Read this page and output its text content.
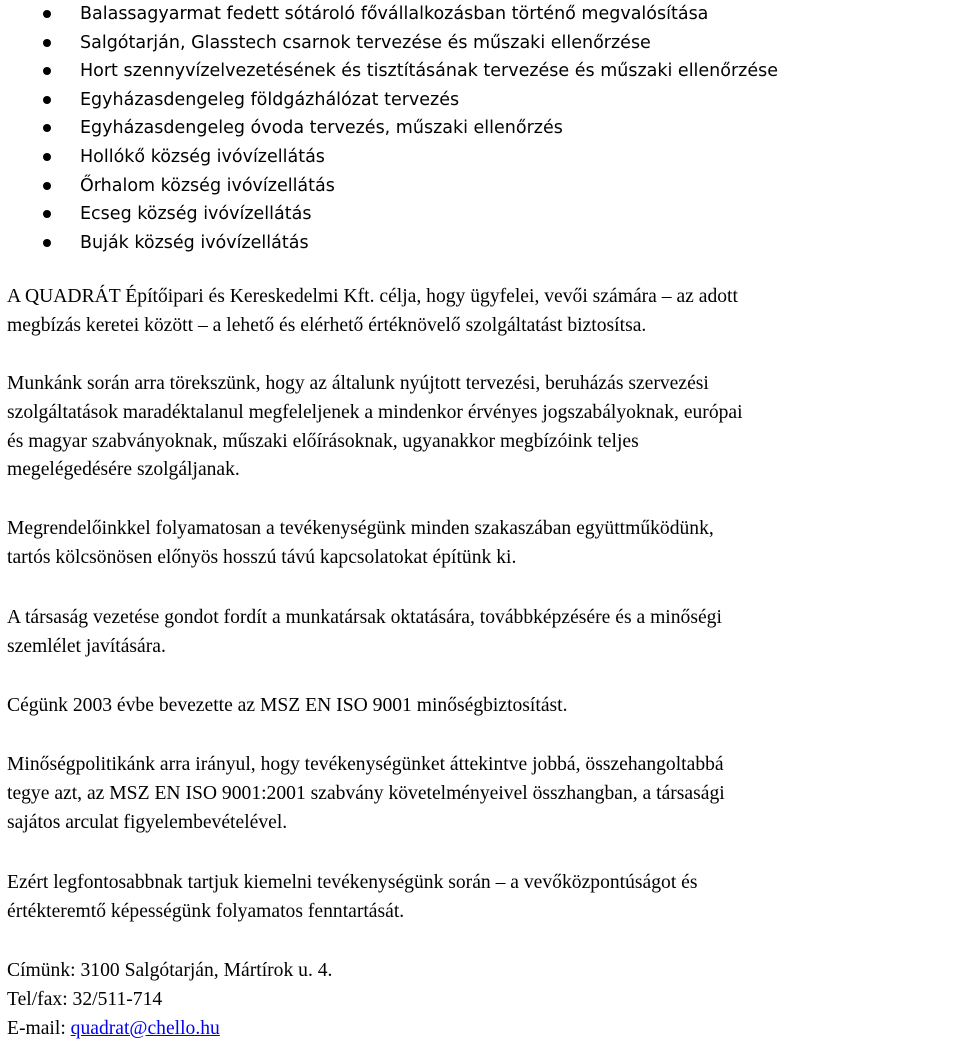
Balassagyarmat fedett sótároló fővállalkozásban történő megvalósítása
Salgótarján, Glasstech csarnok tervezése és műszaki ellenőrzése
Hort szennyvízelvezetésének és tisztításának tervezése és műszaki ellenőrzése
Egyházasdengeleg földgázhálózat tervezés
Egyházasdengeleg óvoda tervezés, műszaki ellenőrzés
Hollókő község ivóvízellátás
Őrhalom község ivóvízellátás
Ecseg község ivóvízellátás
Buják község ivóvízellátás

A QUADRÁT Építőipari és Kereskedelmi Kft. célja, hogy ügyfelei, vevői számára – az adott
megbízás keretei között – a lehető és elérhető értéknövelő szolgáltatást biztosítsa.

Munkánk során arra törekszünk, hogy az általunk nyújtott tervezési, beruházás szervezési
szolgáltatások maradéktalanul megfeleljenek a mindenkor érvényes jogszabályoknak, európai
és magyar szabványoknak, műszaki előírásoknak, ugyanakkor megbízóink teljes
megelégedésére szolgáljanak.

Megrendelőinkkel folyamatosan a tevékenységünk minden szakaszában együttműködünk,
tartós kölcsönösen előnyös hosszú távú kapcsolatokat építünk ki.

A társaság vezetése gondot fordít a munkatársak oktatására, továbbképzésére és a minőségi
szemlélet javítására.

Cégünk 2003 évbe bevezette az MSZ EN ISO 9001 minőségbiztosítást.

Minőségpolitikánk arra irányul, hogy tevékenységünket áttekintve jobbá, összehangoltabbá
tegye azt, az MSZ EN ISO 9001:2001 szabvány követelményeivel összhangban, a társasági
sajátos arculat figyelembevételével.

Ezért legfontosabbnak tartjuk kiemelni tevékenységünk során – a vevőközpontúságot és
értékteremtő képességünk folyamatos fenntartását.

Címünk: 3100 Salgótarján, Mártírok u. 4.
Tel/fax: 32/511-714
E-mail: quadrat@chello.hu
